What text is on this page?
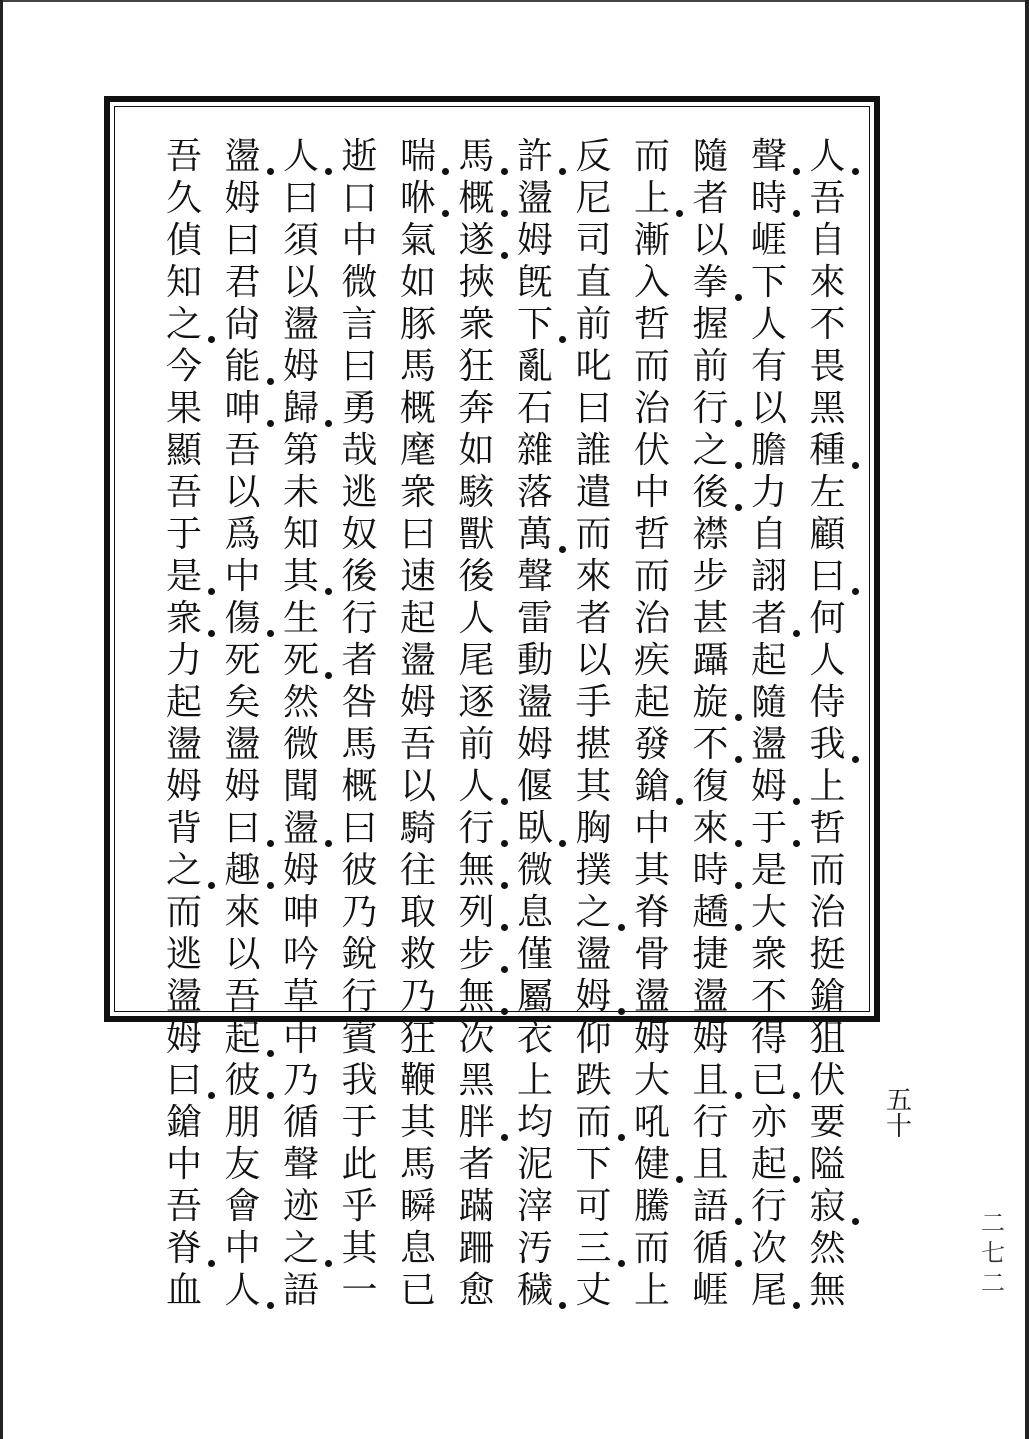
人
吾
自
來
不
畏
黑
種
左
顧
曰
何
人
侍
我
上
哲
而
治
挺
鎗
狙
伏
要
隘
寂
然
無
聲
時
崕
下
人
有
以
膽
力
自
詡
者
起
隨
盪
姆
于
是
大
衆
不
得
已
亦
起
行
次
尾
隨
者
以
拳
握
前
行
之
後
襟
步
甚
躡
旋
不
復
來
時
趫
捷
盪
姆
且
行
且
語
循
崕
而
上
漸
入
哲
而
治
伏
中
哲
而
治
疾
起
發
鎗
中
其
脊
骨
盪
姆
大
吼
健
騰
而
上
反
尼
司
直
前
叱
曰
誰
遣
而
來
者
以
手
揕
其
胸
撲
之
盪
姆
仰
跌
而
下
可
三
丈
許
盪
姆
旣
下
亂
石
雜
落
萬
聲
雷
動
盪
姆
偃
臥
微
息
僅
屬
衣
上
均
泥
滓
汚
穢
馬
概
遂
挾
衆
狂
奔
如
駭
獸
後
人
尾
逐
前
人
行
無
列
步
無
次
黑
胖
者
蹣
跚
愈
喘
咻
氣
如
豚
馬
概
麾
衆
曰
速
起
盪
姆
吾
以
騎
往
取
救
乃
狂
鞭
其
馬
瞬
息
已
逝
口
中
微
言
曰
勇
哉
逃
奴
後
行
者
咎
馬
概
曰
彼
乃
銳
行
賓
我
于
此
乎
其
一
人
曰
須
以
盪
姆
歸
第
未
知
其
生
死
然
微
聞
盪
姆
呻
吟
草
中
乃
循
聲
迹
之
語
盪
姆
曰
君
尙
能
呻
吾
以
爲
中
傷
死
矣
盪
姆
曰
趣
來
以
吾
起
彼
朋
友
會
中
人
吾
久
偵
知
之
今
果
顯
吾
于
是
衆
力
起
盪
姆
背
之
而
逃
盪
姆
曰
鎗
中
吾
脊
血
五
十
二
七
二
